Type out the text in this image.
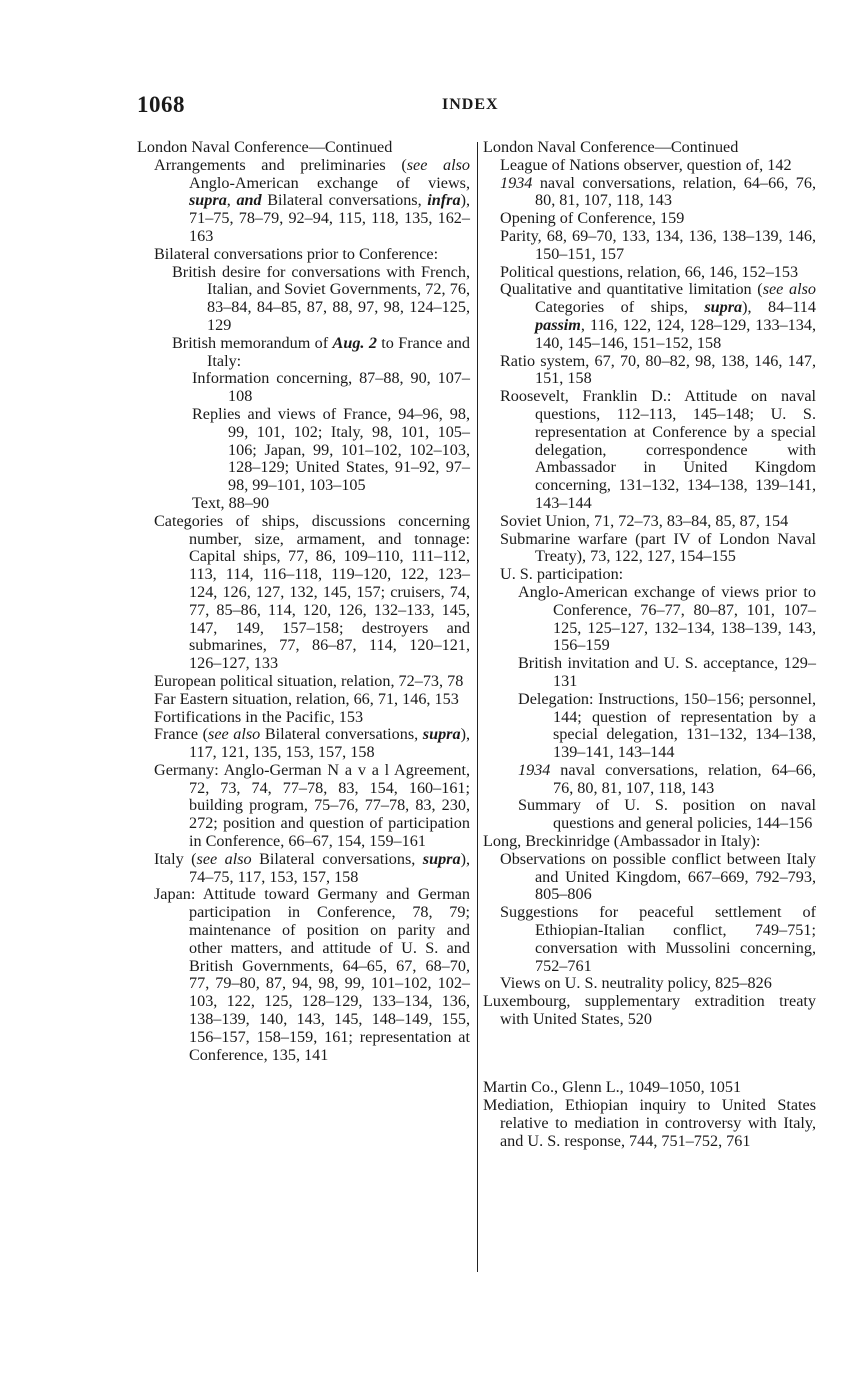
1068	INDEX

London Naval Conference—Continued

Arrangements and preliminaries (see also Anglo-American exchange of views, supra, and Bilateral conversations, infra), 71–75, 78–79, 92–94, 115, 118, 135, 162–163

Bilateral conversations prior to Conference:

British desire for conversations with French, Italian, and Soviet Governments, 72, 76, 83–84, 84–85, 87, 88, 97, 98, 124–125, 129

British memorandum of Aug. 2 to France and Italy:

Information concerning, 87–88, 90, 107–108

Replies and views of France, 94–96, 98, 99, 101, 102; Italy, 98, 101, 105–106; Japan, 99, 101–102, 102–103, 128–129; United States, 91–92, 97–98, 99–101, 103–105

Text, 88–90

Categories of ships, discussions concerning number, size, armament, and tonnage: Capital ships, 77, 86, 109–110, 111–112, 113, 114, 116–118, 119–120, 122, 123–124, 126, 127, 132, 145, 157; cruisers, 74, 77, 85–86, 114, 120, 126, 132–133, 145, 147, 149, 157–158; destroyers and submarines, 77, 86–87, 114, 120–121, 126–127, 133

European political situation, relation, 72–73, 78

Far Eastern situation, relation, 66, 71, 146, 153

Fortifications in the Pacific, 153

France (see also Bilateral conversations, supra), 117, 121, 135, 153, 157, 158

Germany: Anglo-German N a v a l Agreement, 72, 73, 74, 77–78, 83, 154, 160–161; building program, 75–76, 77–78, 83, 230, 272; position and question of participation in Conference, 66–67, 154, 159–161

Italy (see also Bilateral conversations, supra), 74–75, 117, 153, 157, 158

Japan: Attitude toward Germany and German participation in Conference, 78, 79; maintenance of position on parity and other matters, and attitude of U. S. and British Governments, 64–65, 67, 68–70, 77, 79–80, 87, 94, 98, 99, 101–102, 102–103, 122, 125, 128–129, 133–134, 136, 138–139, 140, 143, 145, 148–149, 155, 156–157, 158–159, 161; representation at Conference, 135, 141

London Naval Conference—Continued

League of Nations observer, question of, 142

1934 naval conversations, relation, 64–66, 76, 80, 81, 107, 118, 143

Opening of Conference, 159

Parity, 68, 69–70, 133, 134, 136, 138–139, 146, 150–151, 157

Political questions, relation, 66, 146, 152–153

Qualitative and quantitative limitation (see also Categories of ships, supra), 84–114 passim, 116, 122, 124, 128–129, 133–134, 140, 145–146, 151–152, 158

Ratio system, 67, 70, 80–82, 98, 138, 146, 147, 151, 158

Roosevelt, Franklin D.: Attitude on naval questions, 112–113, 145–148; U. S. representation at Conference by a special delegation, correspondence with Ambassador in United Kingdom concerning, 131–132, 134–138, 139–141, 143–144

Soviet Union, 71, 72–73, 83–84, 85, 87, 154

Submarine warfare (part IV of London Naval Treaty), 73, 122, 127, 154–155

U. S. participation:

Anglo-American exchange of views prior to Conference, 76–77, 80–87, 101, 107–125, 125–127, 132–134, 138–139, 143, 156–159

British invitation and U. S. acceptance, 129–131

Delegation: Instructions, 150–156; personnel, 144; question of representation by a special delegation, 131–132, 134–138, 139–141, 143–144

1934 naval conversations, relation, 64–66, 76, 80, 81, 107, 118, 143

Summary of U. S. position on naval questions and general policies, 144–156

Long, Breckinridge (Ambassador in Italy):

Observations on possible conflict between Italy and United Kingdom, 667–669, 792–793, 805–806

Suggestions for peaceful settlement of Ethiopian-Italian conflict, 749–751; conversation with Mussolini concerning, 752–761

Views on U. S. neutrality policy, 825–826

Luxembourg, supplementary extradition treaty with United States, 520

Martin Co., Glenn L., 1049–1050, 1051

Mediation, Ethiopian inquiry to United States relative to mediation in controversy with Italy, and U. S. response, 744, 751–752, 761
